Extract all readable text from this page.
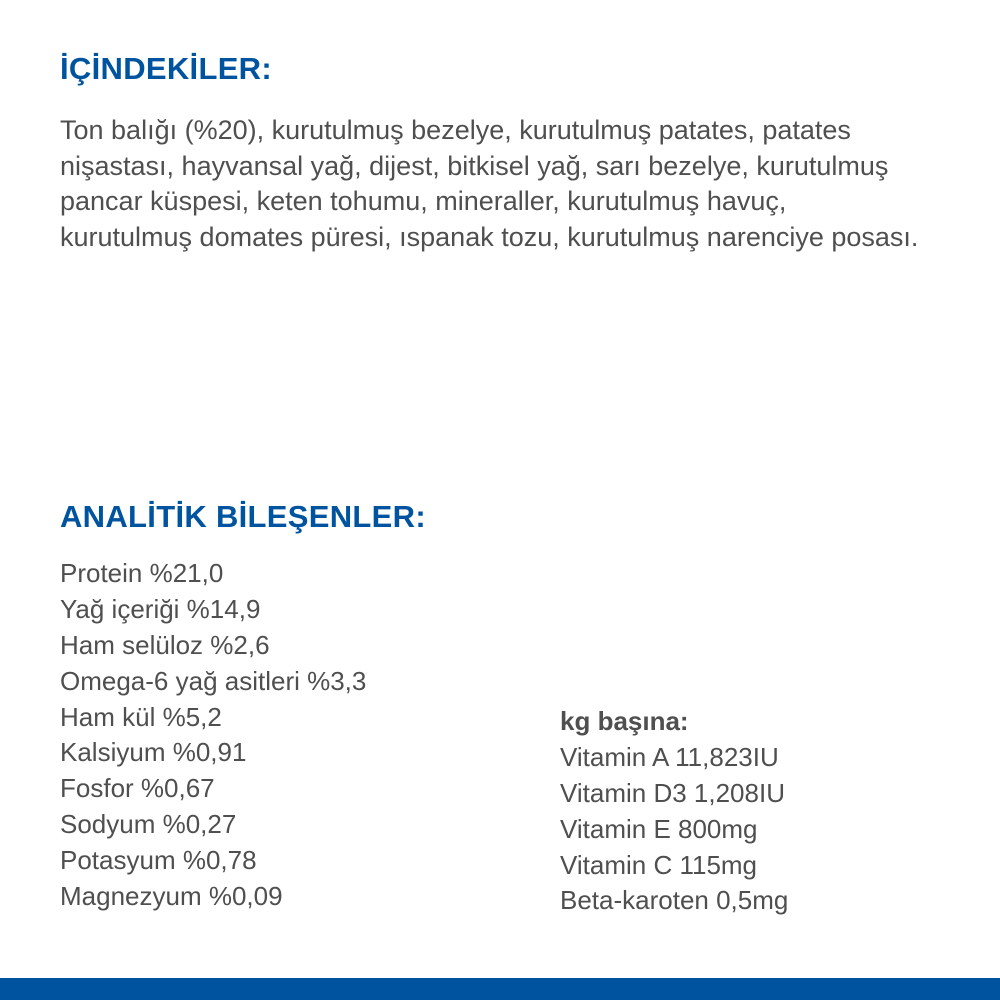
İÇİNDEKİLER:

Ton balığı (%20), kurutulmuş bezelye, kurutulmuş patates, patates nişastası, hayvansal yağ, dijest, bitkisel yağ, sarı bezelye, kurutulmuş pancar küspesi, keten tohumu, mineraller, kurutulmuş havuç, kurutulmuş domates püresi, ıspanak tozu, kurutulmuş narenciye posası.

ANALİTİK BİLEŞENLER:
Protein %21,0
Yağ içeriği %14,9
Ham selüloz %2,6
Omega-6 yağ asitleri %3,3
Ham kül %5,2
Kalsiyum %0,91
Fosfor %0,67
Sodyum %0,27
Potasyum %0,78
Magnezyum %0,09
kg başına:
Vitamin A 11,823IU
Vitamin D3 1,208IU
Vitamin E 800mg
Vitamin C 115mg
Beta-karoten 0,5mg
